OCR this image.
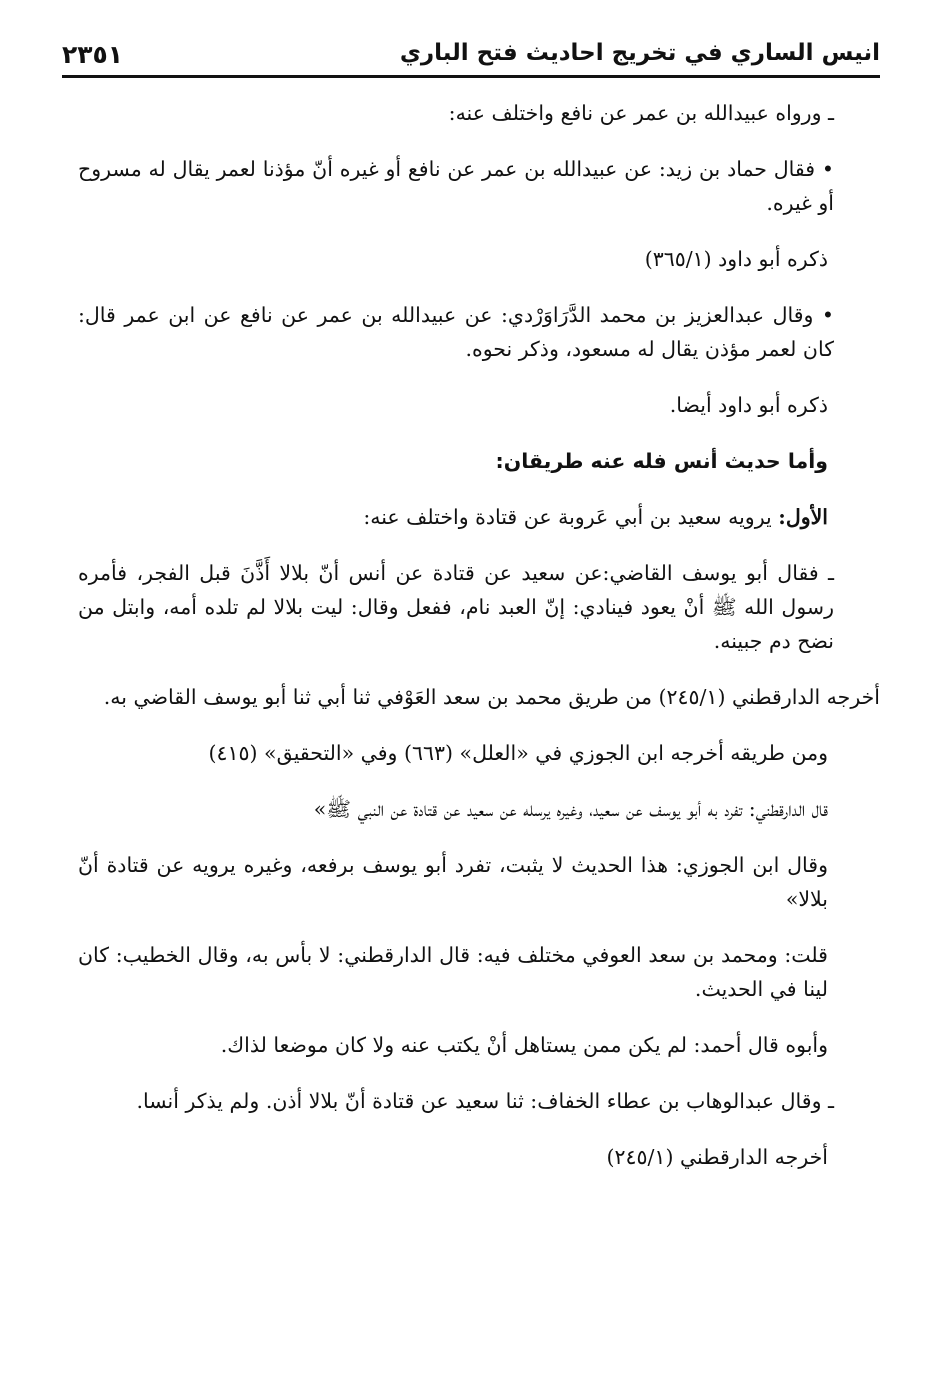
انيس الساري في تخريج احاديث فتح الباري
٢٣٥١

ـ ورواه عبيدالله بن عمر عن نافع واختلف عنه:

• فقال حماد بن زيد: عن عبيدالله بن عمر عن نافع أو غيره أنّ مؤذنا لعمر يقال له مسروح أو غيره.

ذكره أبو داود (٣٦٥/١)

• وقال عبدالعزيز بن محمد الدَّرَاوَرْدي: عن عبيدالله بن عمر عن نافع عن ابن عمر قال: كان لعمر مؤذن يقال له مسعود، وذكر نحوه.

ذكره أبو داود أيضا.

وأما حديث أنس فله عنه طريقان:

الأول: يرويه سعيد بن أبي عَروبة عن قتادة واختلف عنه:

ـ فقال أبو يوسف القاضي:عن سعيد عن قتادة عن أنس أنّ بلالا أَذَّنَ قبل الفجر، فأمره رسول الله ﷺ أنْ يعود فينادي: إنّ العبد نام، ففعل وقال: ليت بلالا لم تلده أمه، وابتل من نضح دم جبينه.

أخرجه الدارقطني (٢٤٥/١) من طريق محمد بن سعد العَوْفي ثنا أبي ثنا أبو يوسف القاضي به.

ومن طريقه أخرجه ابن الجوزي في «العلل» (٦٦٣) وفي «التحقيق» (٤١٥)

قال الدارقطني: تفرد به أبو يوسف عن سعيد، وغيره يرسله عن سعيد عن قتادة عن النبي ﷺ»

وقال ابن الجوزي: هذا الحديث لا يثبت، تفرد أبو يوسف برفعه، وغيره يرويه عن قتادة أنّ بلالا»

قلت: ومحمد بن سعد العوفي مختلف فيه: قال الدارقطني: لا بأس به، وقال الخطيب: كان لينا في الحديث.

وأبوه قال أحمد: لم يكن ممن يستاهل أنْ يكتب عنه ولا كان موضعا لذاك.

ـ وقال عبدالوهاب بن عطاء الخفاف: ثنا سعيد عن قتادة أنّ بلالا أذن. ولم يذكر أنسا.

أخرجه الدارقطني (٢٤٥/١)
